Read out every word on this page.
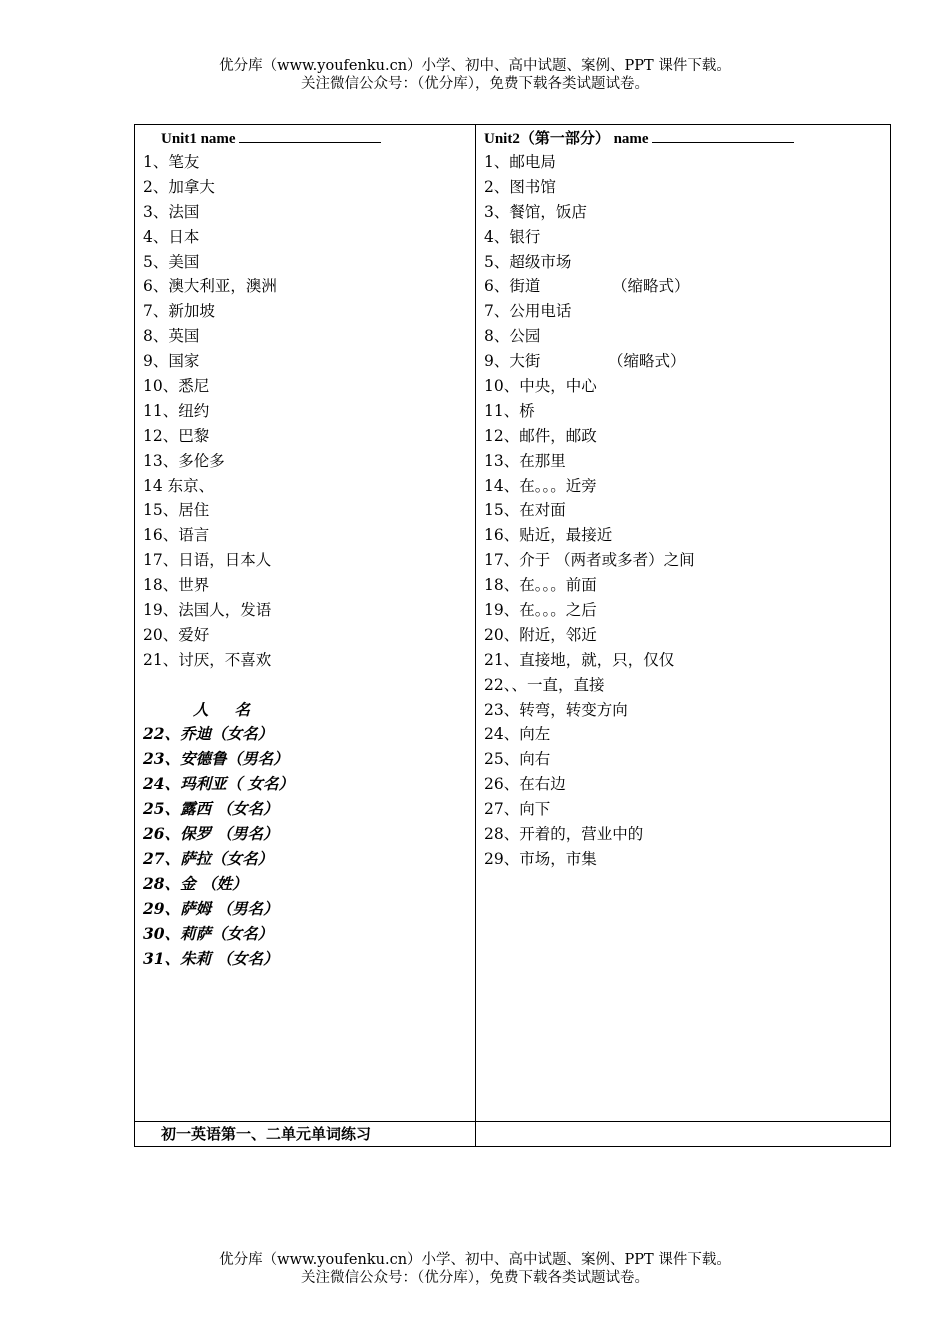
优分库（www.youfenku.cn）小学、初中、高中试题、案例、PPT 课件下载。
关注微信公众号：（优分库），免费下载各类试题试卷。
Unit1 name
1、笔友
2、加拿大
3、法国
4、日本
5、美国
6、澳大利亚，澳洲
7、新加坡
8、英国
9、国家
10、悉尼
11、纽约
12、巴黎
13、多伦多
14 东京、
15、居住
16、语言
17、日语，日本人
18、世界
19、法国人，发语
20、爱好
21、讨厌，不喜欢
人 名
22、乔迪（女名）
23、安德鲁（男名）
24、玛利亚（ 女名）
25、露西 （女名）
26、保罗 （男名）
27、萨拉（女名）
28、金 （姓）
29、萨姆 （男名）
30、莉萨（女名）
31、朱莉 （女名）
Unit2（第一部分） name
1、邮电局
2、图书馆
3、餐馆，饭店
4、银行
5、超级市场
6、街道	（缩略式）
7、公用电话
8、公园
9、大街	（缩略式）
10、中央，中心
11、桥
12、邮件，邮政
13、在那里
14、在。。。近旁
15、在对面
16、贴近，最接近
17、介于 （两者或多者）之间
18、在。。。前面
19、在。。。之后
20、附近，邻近
21、直接地，就，只，仅仅
22、、一直，直接
23、转弯，转变方向
24、向左
25、向右
26、在右边
27、向下
28、开着的，营业中的
29、市场，市集
初一英语第一、二单元单词练习
优分库（www.youfenku.cn）小学、初中、高中试题、案例、PPT 课件下载。
关注微信公众号：（优分库），免费下载各类试题试卷。
